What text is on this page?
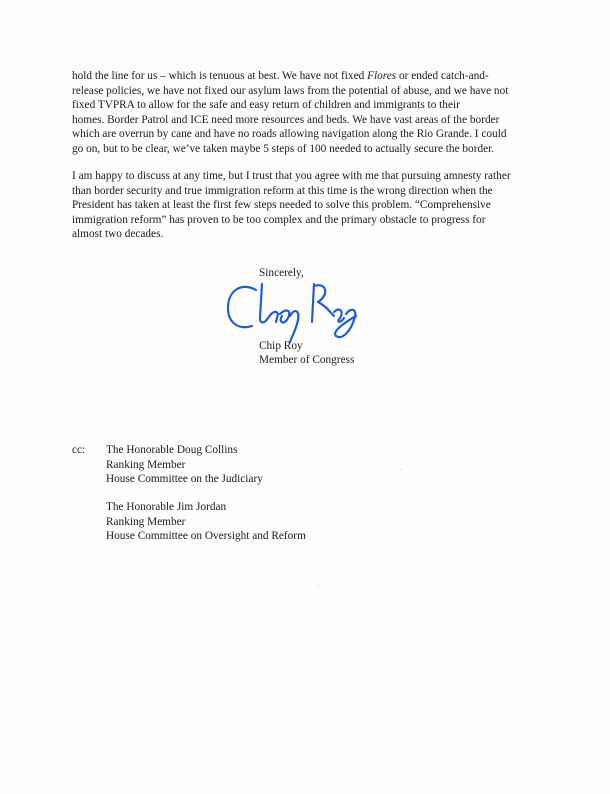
hold the line for us – which is tenuous at best. We have not fixed Flores or ended catch-and-
release policies, we have not fixed our asylum laws from the potential of abuse, and we have not
fixed TVPRA to allow for the safe and easy return of children and immigrants to their
homes. Border Patrol and ICE need more resources and beds. We have vast areas of the border
which are overrun by cane and have no roads allowing navigation along the Rio Grande. I could
go on, but to be clear, we’ve taken maybe 5 steps of 100 needed to actually secure the border.
I am happy to discuss at any time, but I trust that you agree with me that pursuing amnesty rather
than border security and true immigration reform at this time is the wrong direction when the
President has taken at least the first few steps needed to solve this problem. “Comprehensive
immigration reform” has proven to be too complex and the primary obstacle to progress for
almost two decades.
Sincerely,
Chip Roy
Member of Congress
cc: The Honorable Doug Collins
Ranking Member
House Committee on the Judiciary
The Honorable Jim Jordan
Ranking Member
House Committee on Oversight and Reform
